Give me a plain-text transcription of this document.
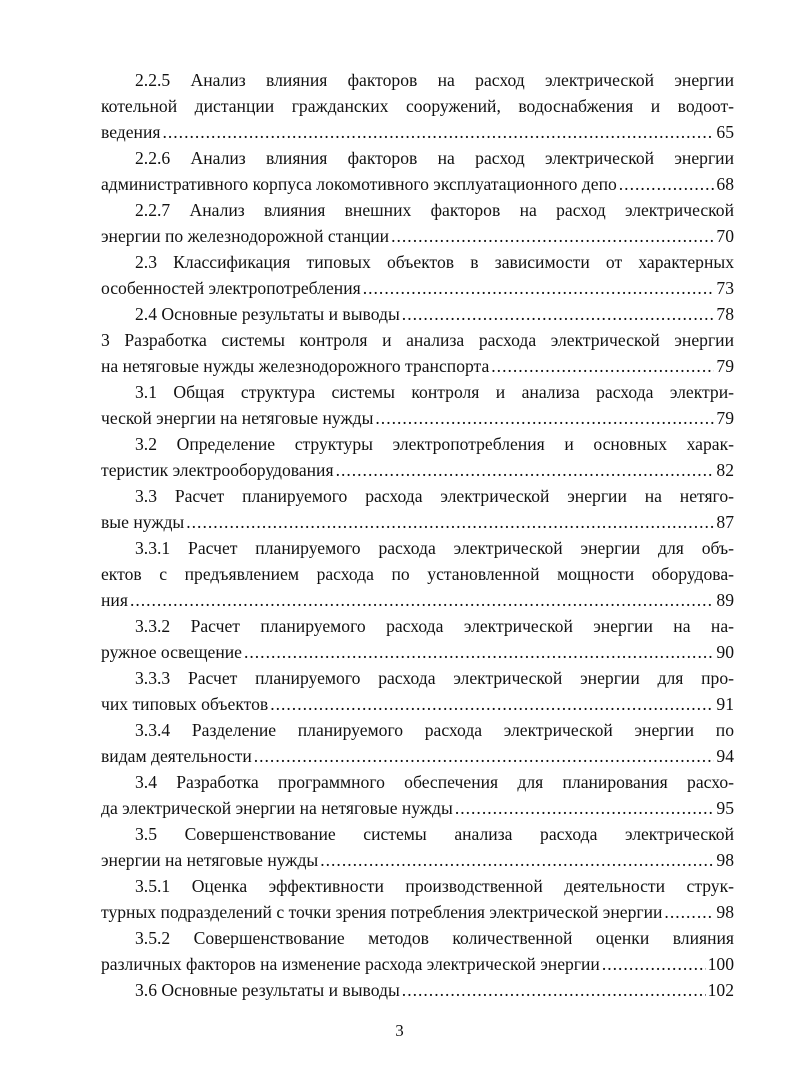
2.2.5 Анализ влияния факторов на расход электрической энергии
котельной дистанции гражданских сооружений, водоснабжения и водоот-
ведения .....	65
2.2.6 Анализ влияния факторов на расход электрической энергии
административного корпуса локомотивного эксплуатационного депо .....	68
2.2.7 Анализ влияния внешних факторов на расход электрической
энергии по железнодорожной станции .....	70
2.3 Классификация типовых объектов в зависимости от характерных
особенностей электропотребления .....	73
2.4 Основные результаты и выводы .....	78
3 Разработка системы контроля и анализа расхода электрической энергии
на нетяговые нужды железнодорожного транспорта .....	79
3.1 Общая структура системы контроля и анализа расхода электри-
ческой энергии на нетяговые нужды .....	79
3.2 Определение структуры электропотребления и основных харак-
теристик электрооборудования .....	82
3.3 Расчет планируемого расхода электрической энергии на нетяго-
вые нужды .....	87
3.3.1 Расчет планируемого расхода электрической энергии для объ-
ектов с предъявлением расхода по установленной мощности оборудова-
ния .....	89
3.3.2 Расчет планируемого расхода электрической энергии на на-
ружное освещение .....	90
3.3.3 Расчет планируемого расхода электрической энергии для про-
чих типовых объектов .....	91
3.3.4 Разделение планируемого расхода электрической энергии по
видам деятельности .....	94
3.4 Разработка программного обеспечения для планирования расхо-
да электрической энергии на нетяговые нужды .....	95
3.5 Совершенствование системы анализа расхода электрической
энергии на нетяговые нужды .....	98
3.5.1 Оценка эффективности производственной деятельности струк-
турных подразделений с точки зрения потребления электрической энергии .....	98
3.5.2 Совершенствование методов количественной оценки влияния
различных факторов на изменение расхода электрической энергии .....	100
3.6 Основные результаты и выводы .....	102
3
